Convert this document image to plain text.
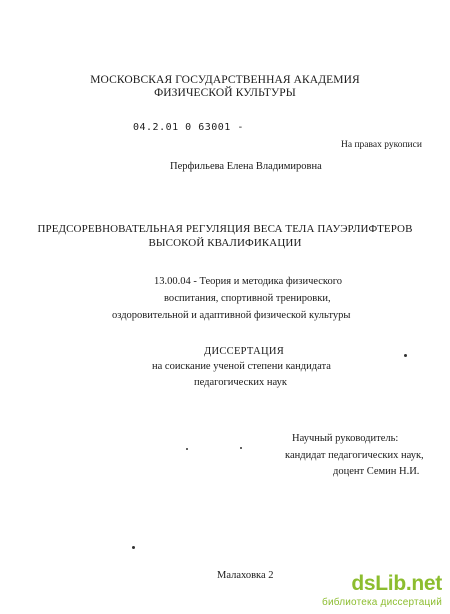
МОСКОВСКАЯ ГОСУДАРСТВЕННАЯ АКАДЕМИЯ
ФИЗИЧЕСКОЙ КУЛЬТУРЫ
04.2.01 0 63001 -
На правах рукописи
Перфильева Елена Владимировна
ПРЕДСОРЕВНОВАТЕЛЬНАЯ РЕГУЛЯЦИЯ ВЕСА ТЕЛА ПАУЭРЛИФТЕРОВ
ВЫСОКОЙ КВАЛИФИКАЦИИ
13.00.04 - Теория и методика физического
воспитания, спортивной тренировки,
оздоровительной и адаптивной физической культуры
ДИССЕРТАЦИЯ
на соискание ученой степени кандидата
педагогических наук
Научный руководитель:
кандидат педагогических наук,
доцент Семин Н.И.
Малаховка 2	dsLib.net
библиотека диссертаций
